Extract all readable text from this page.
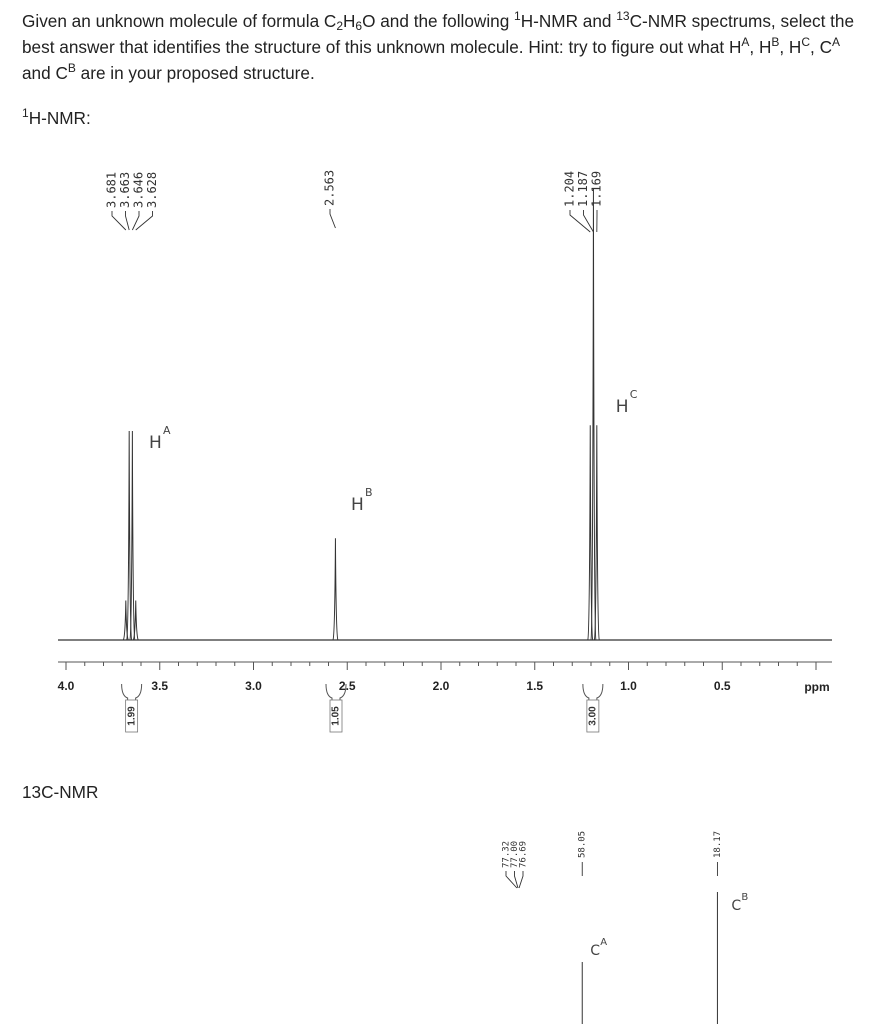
Given an unknown molecule of formula $C_2H_6O$ and the following $^1$H-NMR and $^{13}$C-NMR spectrums, select the best answer that identifies the structure of this unknown molecule. Hint: try to figure out what $H^A$, $H^B$, $H^C$, $C^A$ and $C^B$ are in your proposed structure.
$^1$H-NMR:
13C-NMR
4.0	3.5	3.0	2.5	2.0	1.5	1.0	0.5	ppm
3.681 3.663 3.646 3.628	2.563	1.204 1.187 1.169
1.99	1.05	3.00
H
A
H
B
H
C
77.32
77.00
76.69	58.05	18.17
C
A
C
B
